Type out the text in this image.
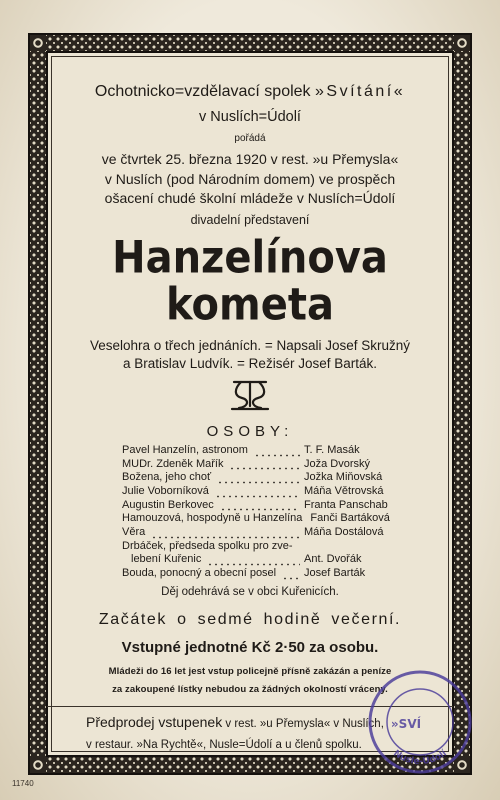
Ochotnicko=vzdělavací spolek »Svítání«
v Nuslích=Údolí
pořádá
ve čtvrtek 25. března 1920 v rest. »u Přemysla«
v Nuslích (pod Národním domem) ve prospěch
ošacení chudé školní mládeže v Nuslích=Údolí
divadelní představení
Hanzelínova
kometa
Veselohra o třech jednáních. = Napsali Josef Skružný
a Bratislav Ludvík. = Režisér Josef Barták.
OSOBY:
Pavel Hanzelín, astronom	T. F. Masák
MUDr. Zdeněk Mařík	Joža Dvorský
Božena, jeho choť	Jožka Miňovská
Julie Voborníková	Máňa Větrovská
Augustin Berkovec	Franta Panschab
Hamouzová, hospodyně u Hanzelína Fanči Bartáková
Věra	Máňa Dostálová
Drbáček, předseda spolku pro zve-
lebení Kuřenic	Ant. Dvořák
Bouda, ponocný a obecní posel	Josef Barták
Děj odehrává se v obci Kuřenicích.
Začátek o sedmé hodině večerní.
Vstupné jednotné Kč 2·50 za osobu.
Mládeži do 16 let jest vstup policejně přísně zakázán a peníze
za zakoupené lístky nebudou za žádných okolností vráceny.
Předprodej vstupenek v rest. »u Přemysla« v Nuslích,
v restaur. »Na Rychtě«, Nusle=Údolí a u členů spolku.
11740
Nusle-Údolí
»SVÍ
